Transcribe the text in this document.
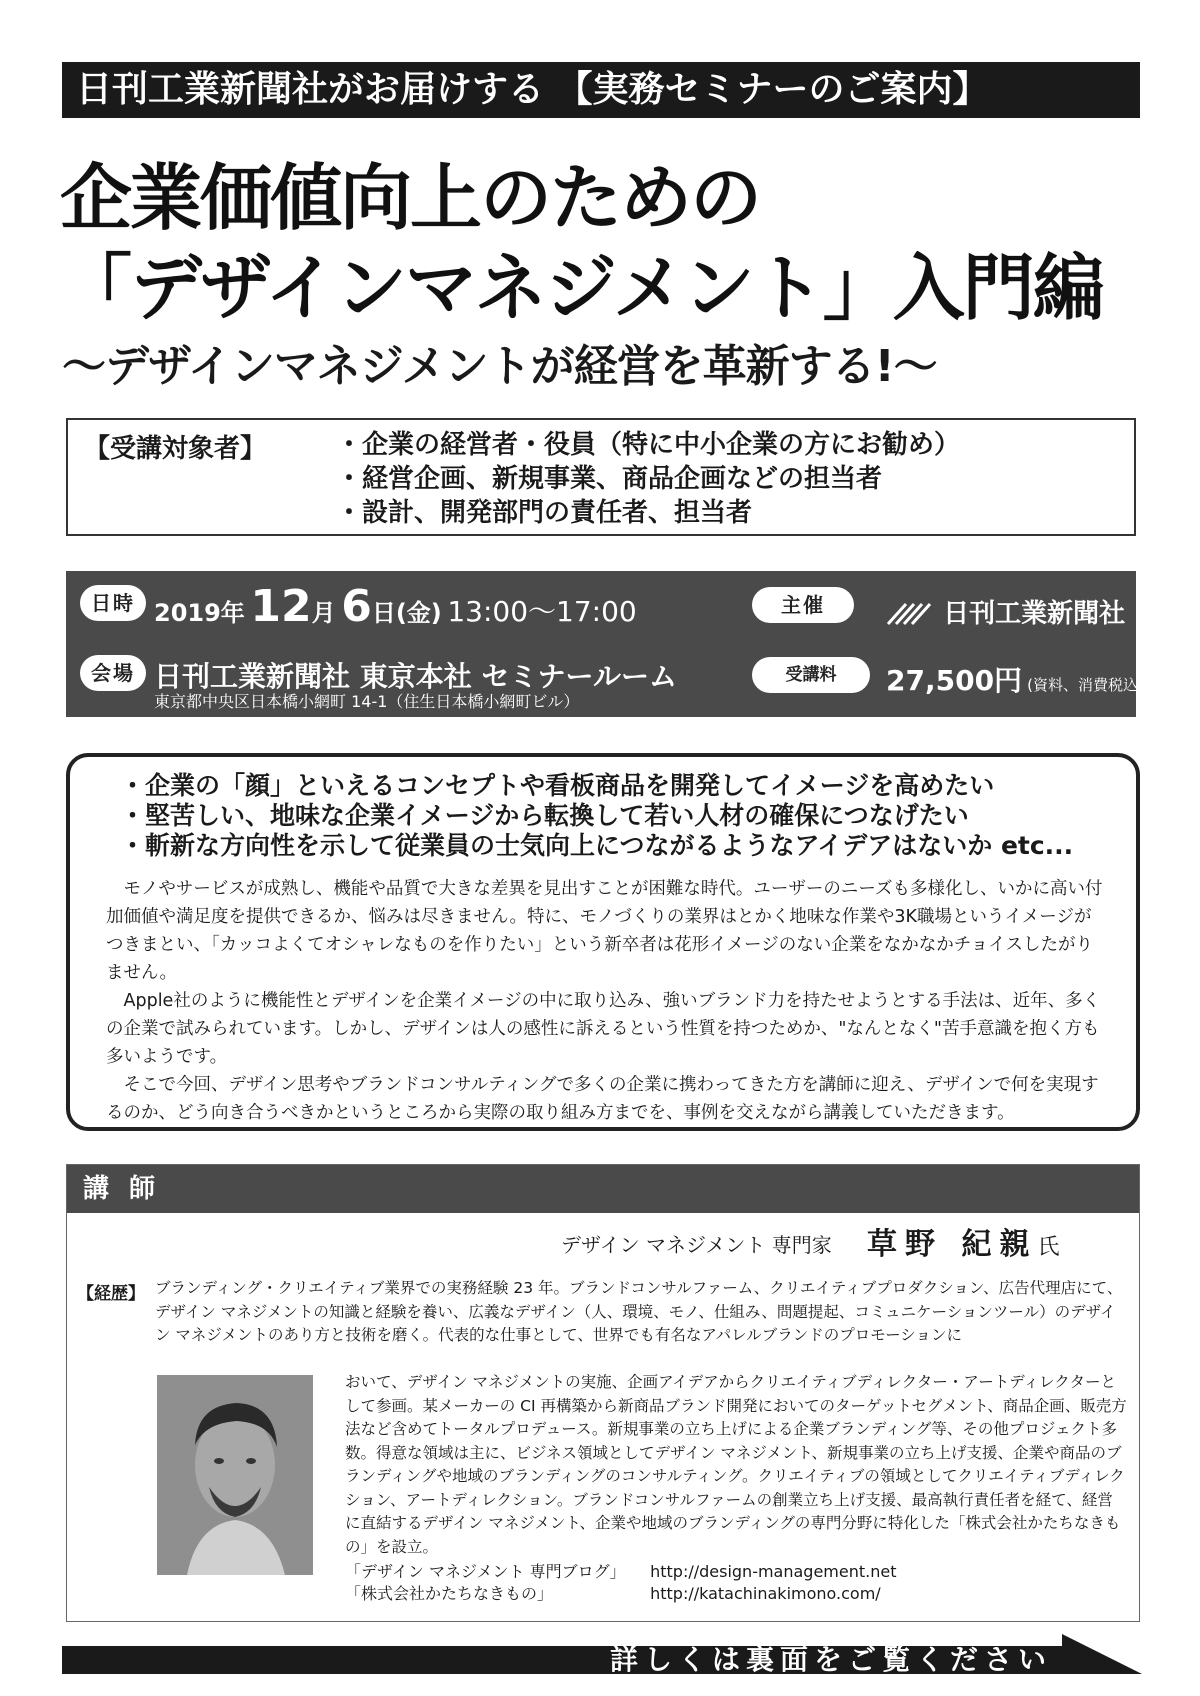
日刊工業新聞社がお届けする 【実務セミナーのご案内】
企業価値向上のための
「デザインマネジメント」入門編
〜デザインマネジメントが経営を革新する!〜
【受講対象者】	・企業の経営者・役員（特に中小企業の方にお勧め）
・経営企画、新規事業、商品企画などの担当者
・設計、開発部門の責任者、担当者
日時 2019年 12月 6日(金) 13:00〜17:00	主催	日刊工業新聞社
会場 日刊工業新聞社 東京本社 セミナールーム
東京都中央区日本橋小網町 14-1（住生日本橋小網町ビル）
受講料	27,500円 (資料、消費税込)
・企業の「顔」といえるコンセプトや看板商品を開発してイメージを高めたい
・堅苦しい、地味な企業イメージから転換して若い人材の確保につなげたい
・斬新な方向性を示して従業員の士気向上につながるようなアイデアはないか etc...

モノやサービスが成熟し、機能や品質で大きな差異を見出すことが困難な時代。ユーザーのニーズも多様化し、いかに高い付加価値や満足度を提供できるか、悩みは尽きません。特に、モノづくりの業界はとかく地味な作業や3K職場というイメージがつきまとい、「カッコよくてオシャレなものを作りたい」という新卒者は花形イメージのない企業をなかなかチョイスしたがりません。

Apple社のように機能性とデザインを企業イメージの中に取り込み、強いブランド力を持たせようとする手法は、近年、多くの企業で試みられています。しかし、デザインは人の感性に訴えるという性質を持つためか、"なんとなく"苦手意識を抱く方も多いようです。

そこで今回、デザイン思考やブランドコンサルティングで多くの企業に携わってきた方を講師に迎え、デザインで何を実現するのか、どう向き合うべきかというところから実際の取り組み方までを、事例を交えながら講義していただきます。

講師
デザイン マネジメント 専門家 草野 紀親氏
【経歴】 ブランディング・クリエイティブ業界での実務経験 23 年。ブランドコンサルファーム、クリエイティブプロダクション、広告代理店にて、デザイン マネジメントの知識と経験を養い、広義なデザイン（人、環境、モノ、仕組み、問題提起、コミュニケーションツール）のデザイン マネジメントのあり方と技術を磨く。代表的な仕事として、世界でも有名なアパレルブランドのプロモーションに
おいて、デザイン マネジメントの実施、企画アイデアからクリエイティブディレクター・アートディレクターとして参画。某メーカーの CI 再構築から新商品ブランド開発においてのターゲットセグメント、商品企画、販売方法など含めてトータルプロデュース。新規事業の立ち上げによる企業ブランディング等、その他プロジェクト多数。得意な領域は主に、ビジネス領域としてデザイン マネジメント、新規事業の立ち上げ支援、企業や商品のブランディングや地域のブランディングのコンサルティング。クリエイティブの領域としてクリエイティブディレクション、アートディレクション。ブランドコンサルファームの創業立ち上げ支援、最高執行責任者を経て、経営に直結するデザイン マネジメント、企業や地域のブランディングの専門分野に特化した「株式会社かたちなきもの」を設立。
「デザイン マネジメント 専門ブログ」 http://design-management.net
「株式会社かたちなきもの」	http://katachinakimono.com/
詳しくは裏面をご覧ください
